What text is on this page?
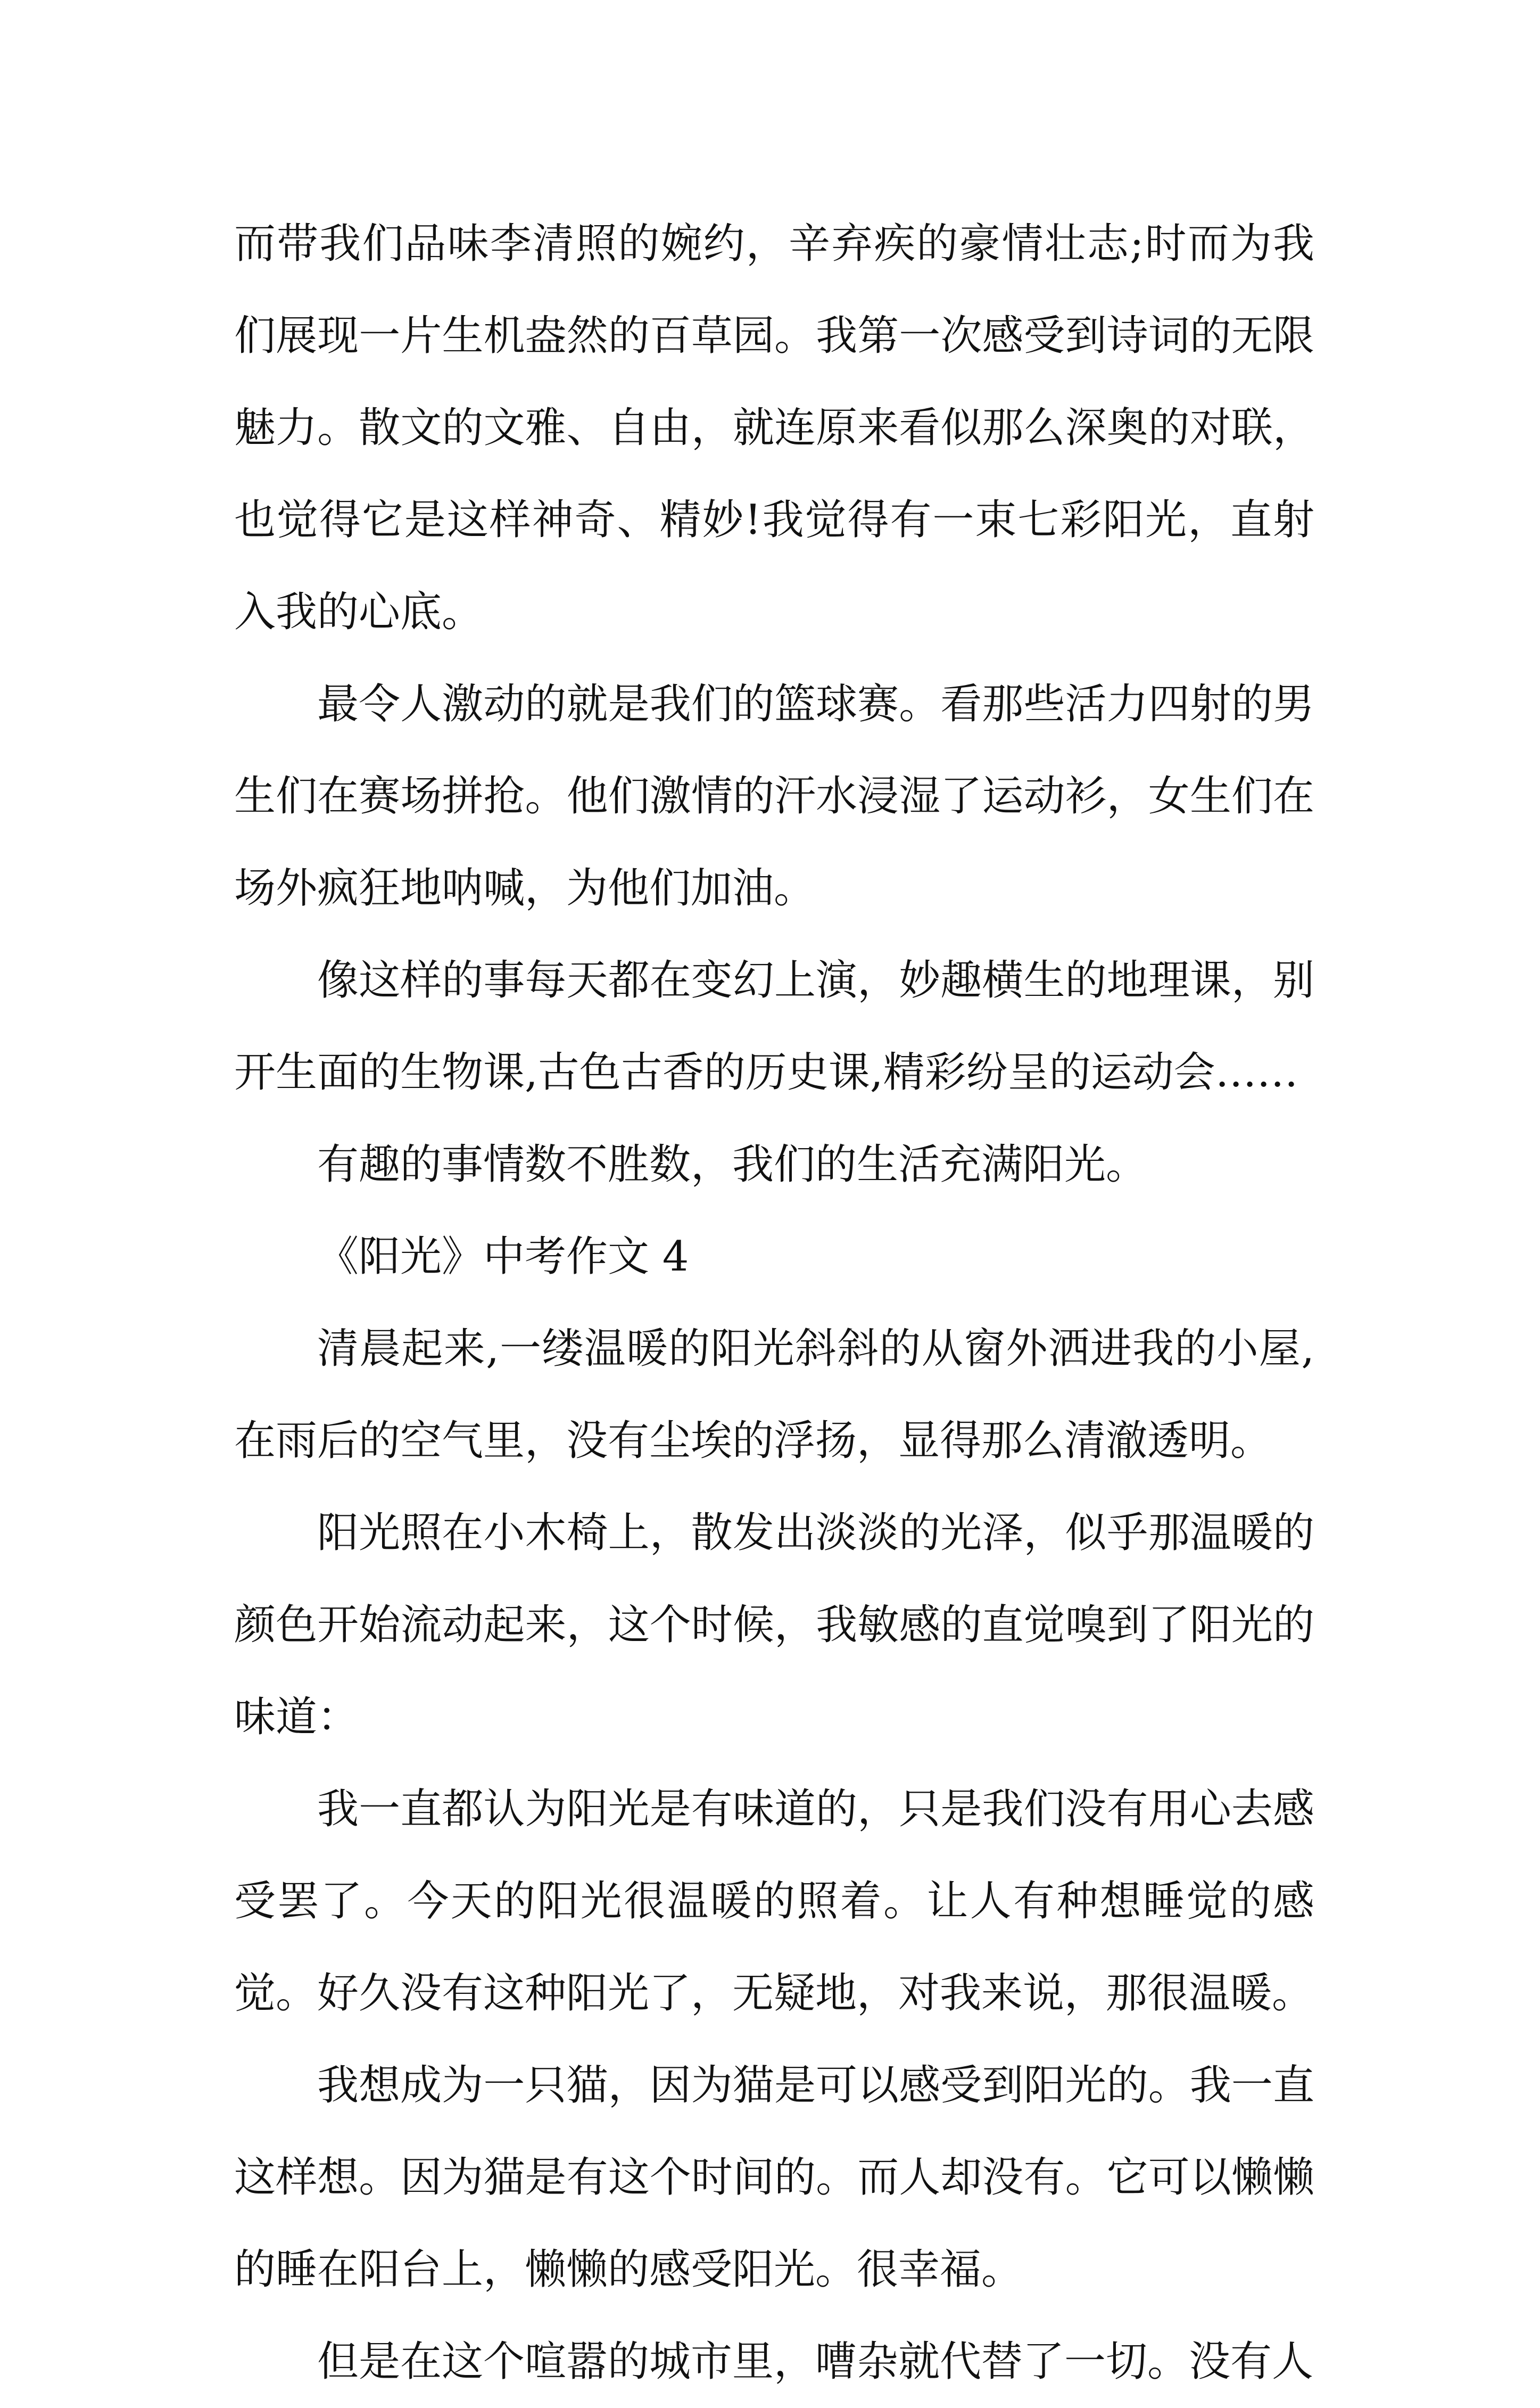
而带我们品味李清照的婉约，辛弃疾的豪情壮志;时而为我们展现一片生机盎然的百草园。我第一次感受到诗词的无限魅力。散文的文雅、自由，就连原来看似那么深奥的对联，也觉得它是这样神奇、精妙!我觉得有一束七彩阳光，直射入我的心底。

最令人激动的就是我们的篮球赛。看那些活力四射的男生们在赛场拼抢。他们激情的汗水浸湿了运动衫，女生们在场外疯狂地呐喊，为他们加油。

像这样的事每天都在变幻上演，妙趣横生的地理课，别开生面的生物课,古色古香的历史课,精彩纷呈的运动会……

有趣的事情数不胜数，我们的生活充满阳光。

《阳光》中考作文 4

清晨起来,一缕温暖的阳光斜斜的从窗外洒进我的小屋,在雨后的空气里，没有尘埃的浮扬，显得那么清澈透明。

阳光照在小木椅上，散发出淡淡的光泽，似乎那温暖的颜色开始流动起来，这个时候，我敏感的直觉嗅到了阳光的味道：

我一直都认为阳光是有味道的，只是我们没有用心去感受罢了。今天的阳光很温暖的照着。让人有种想睡觉的感觉。好久没有这种阳光了，无疑地，对我来说，那很温暖。

我想成为一只猫，因为猫是可以感受到阳光的。我一直这样想。因为猫是有这个时间的。而人却没有。它可以懒懒的睡在阳台上，懒懒的感受阳光。很幸福。

但是在这个喧嚣的城市里，嘈杂就代替了一切。没有人
